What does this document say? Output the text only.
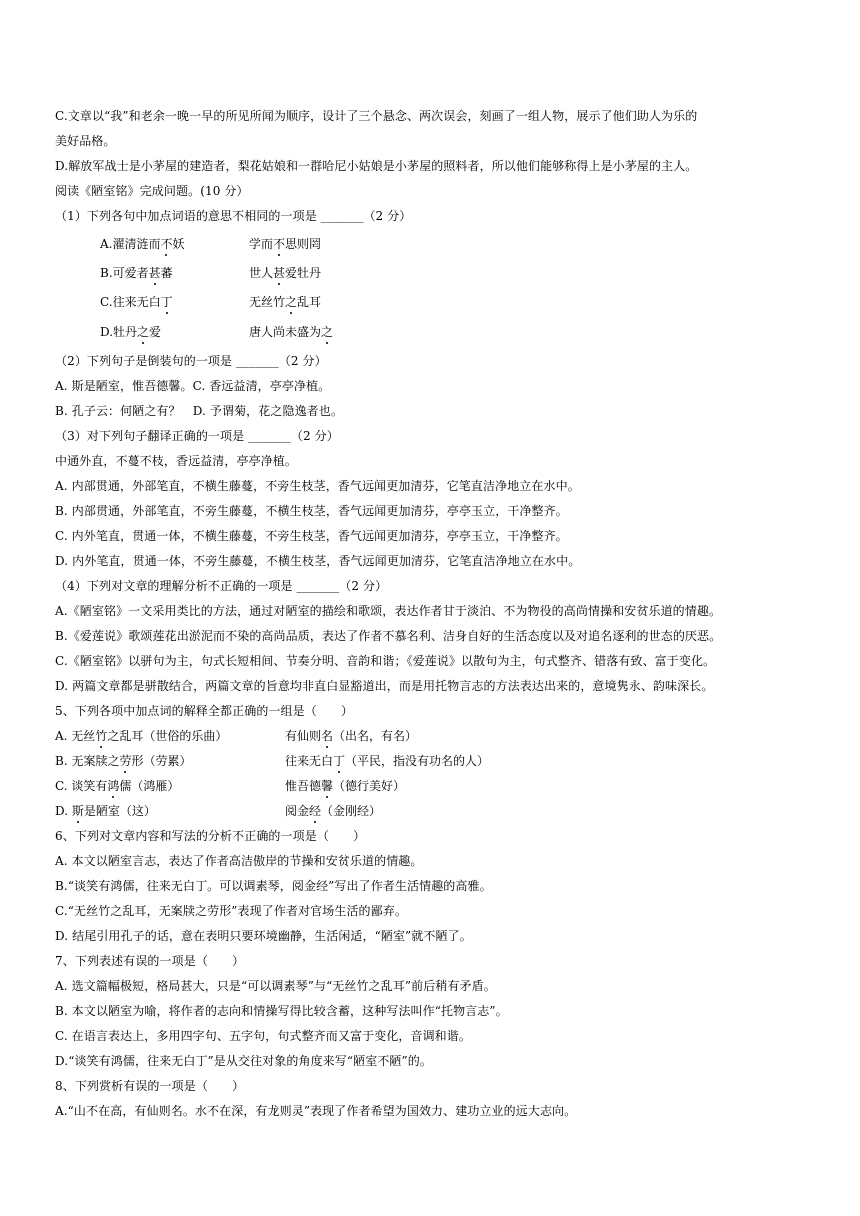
C.文章以“我”和老余一晚一早的所见所闻为顺序，设计了三个悬念、两次误会，刻画了一组人物，展示了他们助人为乐的
美好品格。
D.解放军战士是小茅屋的建造者，梨花姑娘和一群哈尼小姑娘是小茅屋的照料者，所以他们能够称得上是小茅屋的主人。
阅读《陋室铭》完成问题。(10 分）
（1）下列各句中加点词语的意思不相同的一项是 _______（2 分）
A.濯清涟而不妖	学而不思则罔
B.可爱者甚蕃	世人甚爱牡丹
C.往来无白丁	无丝竹之乱耳
D.牡丹之爱	唐人尚未盛为之
（2）下列句子是倒装句的一项是 _______（2 分）
A. 斯是陋室，惟吾德馨。C. 香远益清，亭亭净植。
B. 孔子云：何陋之有？　D. 予谓菊，花之隐逸者也。
（3）对下列句子翻译正确的一项是 _______（2 分）
中通外直，不蔓不枝，香远益清，亭亭净植。
A. 内部贯通，外部笔直，不横生藤蔓，不旁生枝茎，香气远闻更加清芬，它笔直洁净地立在水中。
B. 内部贯通，外部笔直，不旁生藤蔓，不横生枝茎，香气远闻更加清芬，亭亭玉立，干净整齐。
C. 内外笔直，贯通一体，不横生藤蔓，不旁生枝茎，香气远闻更加清芬，亭亭玉立，干净整齐。
D. 内外笔直，贯通一体，不旁生藤蔓，不横生枝茎，香气远闻更加清芬，它笔直洁净地立在水中。
（4）下列对文章的理解分析不正确的一项是 _______（2 分）
A.《陋室铭》一文采用类比的方法，通过对陋室的描绘和歌颂，表达作者甘于淡泊、不为物役的高尚情操和安贫乐道的情趣。
B.《爱莲说》歌颂莲花出淤泥而不染的高尚品质，表达了作者不慕名利、洁身自好的生活态度以及对追名逐利的世态的厌恶。
C.《陋室铭》以骈句为主，句式长短相间、节奏分明、音韵和谐；《爱莲说》以散句为主，句式整齐、错落有致、富于变化。
D. 两篇文章都是骈散结合，两篇文章的旨意均非直白显豁道出，而是用托物言志的方法表达出来的，意境隽永、韵味深长。
5、下列各项中加点词的解释全都正确的一组是（　　）
A. 无丝竹之乱耳（世俗的乐曲）	有仙则名（出名，有名）
B. 无案牍之劳形（劳累）	往来无白丁（平民，指没有功名的人）
C. 谈笑有鸿儒（鸿雁）	惟吾德馨（德行美好）
D. 斯是陋室（这）	阅金经（金刚经）
6、下列对文章内容和写法的分析不正确的一项是（　　）
A. 本文以陋室言志，表达了作者高洁傲岸的节操和安贫乐道的情趣。
B.“谈笑有鸿儒，往来无白丁。可以调素琴，阅金经”写出了作者生活情趣的高雅。
C.“无丝竹之乱耳，无案牍之劳形”表现了作者对官场生活的鄙弃。
D. 结尾引用孔子的话，意在表明只要环境幽静，生活闲适，“陋室”就不陋了。
7、下列表述有误的一项是（　　）
A. 选文篇幅极短，格局甚大，只是“可以调素琴”与“无丝竹之乱耳”前后稍有矛盾。
B. 本文以陋室为喻，将作者的志向和情操写得比较含蓄，这种写法叫作“托物言志”。
C. 在语言表达上，多用四字句、五字句，句式整齐而又富于变化，音调和谐。
D.“谈笑有鸿儒，往来无白丁”是从交往对象的角度来写“陋室不陋”的。
8、下列赏析有误的一项是（　　）
A.“山不在高，有仙则名。水不在深，有龙则灵”表现了作者希望为国效力、建功立业的远大志向。
